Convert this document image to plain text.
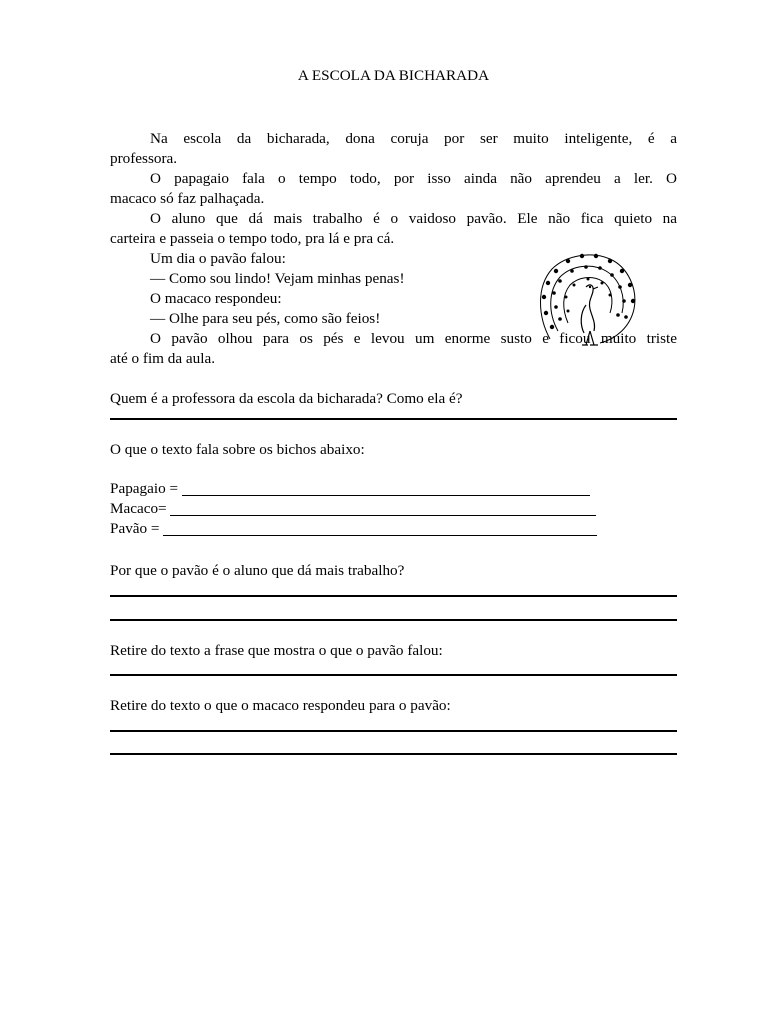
A ESCOLA DA BICHARADA

Na escola da bicharada, dona coruja por ser muito inteligente, é a

professora.

O papagaio fala o tempo todo, por isso ainda não aprendeu a ler. O

macaco só faz palhaçada.

O aluno que dá mais trabalho é o vaidoso pavão. Ele não fica quieto na

carteira e passeia o tempo todo, pra lá e pra cá.

Um dia o pavão falou:

— Como sou lindo! Vejam minhas penas!

O macaco respondeu:

— Olhe para seu pés, como são feios!

O pavão olhou para os pés e levou um enorme susto e ficou muito triste

até o fim da aula.

Quem é a professora da escola da bicharada? Como ela é?

O que o texto fala sobre os bichos abaixo:

Papagaio =
Macaco=
Pavão =

Por que o pavão é o aluno que dá mais trabalho?

Retire do texto a frase que mostra o que o pavão falou:

Retire do texto o que o macaco respondeu para o pavão:
